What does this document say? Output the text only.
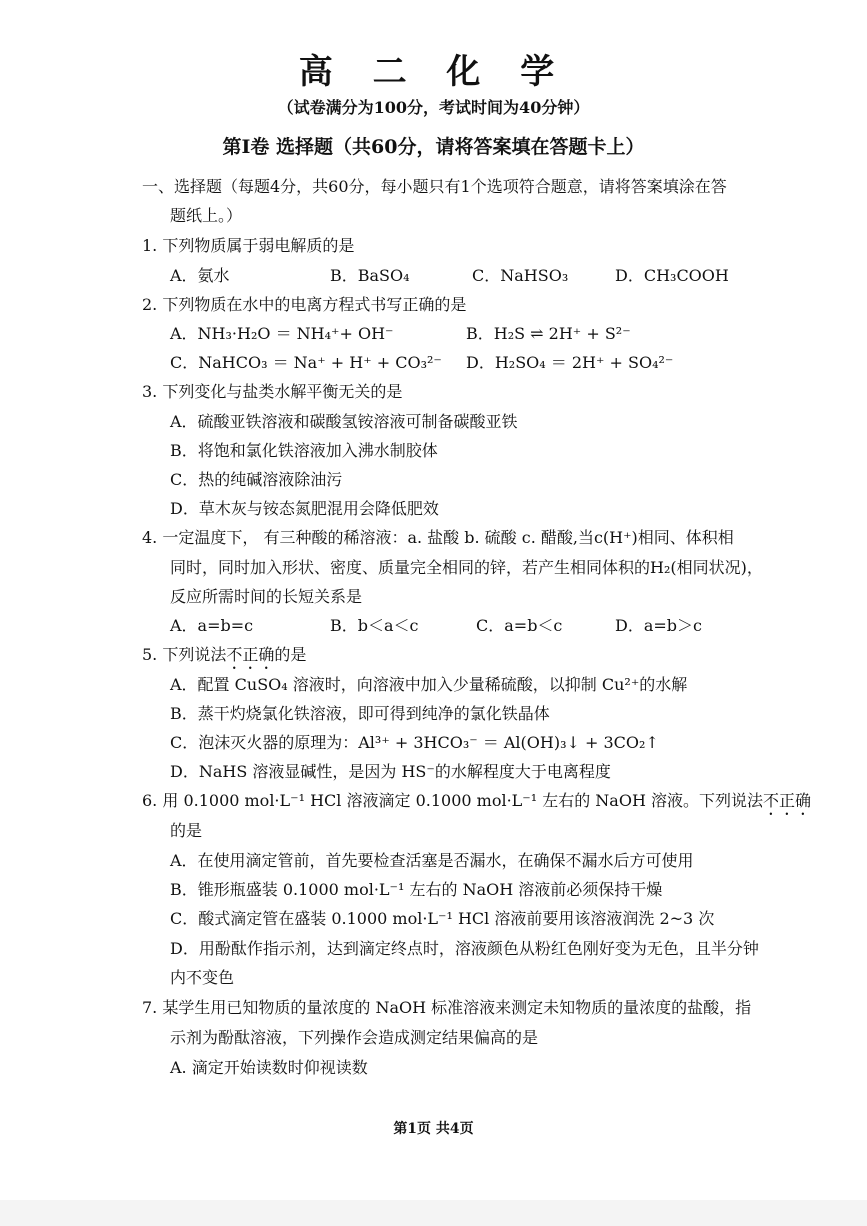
高 二 化 学
（试卷满分为100分，考试时间为40分钟）
第Ⅰ卷 选择题（共60分，请将答案填在答题卡上）
一、选择题（每题4分，共60分，每小题只有1个选项符合题意，请将答案填涂在答
题纸上。）
1. 下列物质属于弱电解质的是
A．氨水	B．BaSO₄	C．NaHSO₃	D．CH₃COOH
2. 下列物质在水中的电离方程式书写正确的是
A．NH₃·H₂O ＝ NH₄⁺+ OH⁻	B．H₂S ⇌ 2H⁺ + S²⁻
C．NaHCO₃ ＝ Na⁺ + H⁺ + CO₃²⁻ D．H₂SO₄ ＝ 2H⁺ + SO₄²⁻
3. 下列变化与盐类水解平衡无关的是
A．硫酸亚铁溶液和碳酸氢铵溶液可制备碳酸亚铁
B．将饱和氯化铁溶液加入沸水制胶体
C．热的纯碱溶液除油污
D．草木灰与铵态氮肥混用会降低肥效
4. 一定温度下， 有三种酸的稀溶液：a. 盐酸 b. 硫酸 c. 醋酸,当c(H⁺)相同、体积相
同时，同时加入形状、密度、质量完全相同的锌，若产生相同体积的H₂(相同状况)，
反应所需时间的长短关系是
A．a=b=c	B．b＜a＜c	C．a=b＜c	D．a=b＞c
5. 下列说法不正确的是
A．配置 CuSO₄ 溶液时，向溶液中加入少量稀硫酸，以抑制 Cu²⁺的水解
B．蒸干灼烧氯化铁溶液，即可得到纯净的氯化铁晶体
C．泡沫灭火器的原理为：Al³⁺ + 3HCO₃⁻ ＝ Al(OH)₃↓ + 3CO₂↑
D．NaHS 溶液显碱性，是因为 HS⁻的水解程度大于电离程度
6. 用 0.1000 mol·L⁻¹ HCl 溶液滴定 0.1000 mol·L⁻¹ 左右的 NaOH 溶液。下列说法不正确
的是
A．在使用滴定管前，首先要检查活塞是否漏水，在确保不漏水后方可使用
B．锥形瓶盛装 0.1000 mol·L⁻¹ 左右的 NaOH 溶液前必须保持干燥
C．酸式滴定管在盛装 0.1000 mol·L⁻¹ HCl 溶液前要用该溶液润洗 2~3 次
D．用酚酞作指示剂，达到滴定终点时，溶液颜色从粉红色刚好变为无色，且半分钟
内不变色
7. 某学生用已知物质的量浓度的 NaOH 标准溶液来测定未知物质的量浓度的盐酸，指
示剂为酚酞溶液，下列操作会造成测定结果偏高的是
A. 滴定开始读数时仰视读数
第1页 共4页
